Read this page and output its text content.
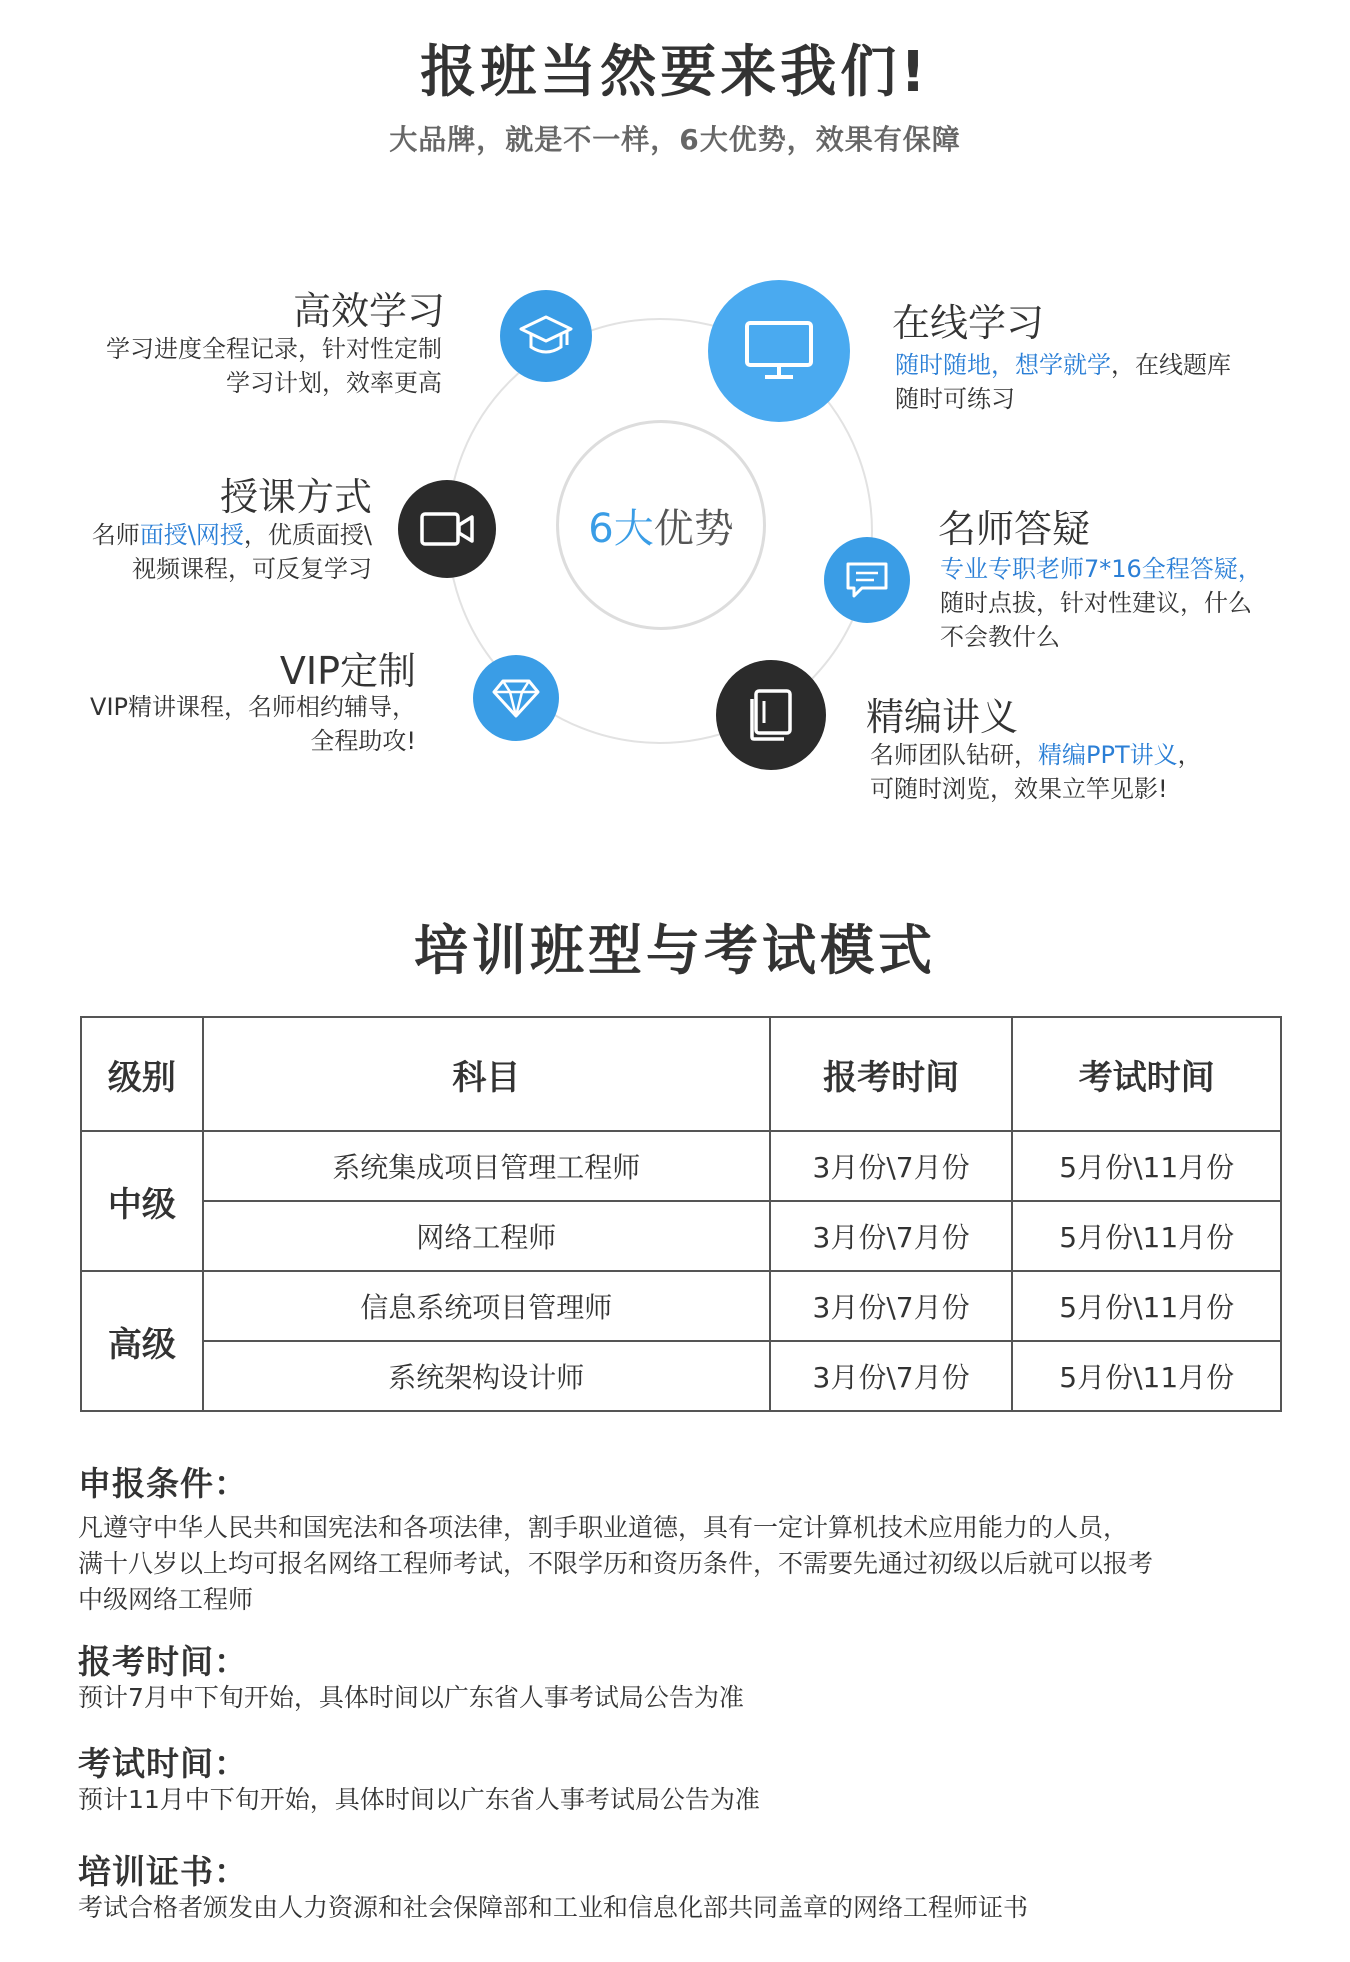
报班当然要来我们!
大品牌，就是不一样，6大优势，效果有保障
6大 优势
高效学习
学习进度全程记录，针对性定制
学习计划，效率更高
授课方式
名师面授\网授，优质面授\
视频课程，可反复学习
VIP定制
VIP精讲课程，名师相约辅导，
全程助攻!
在线学习
随时随地，想学就学，在线题库
随时可练习
名师答疑
专业专职老师7*16全程答疑，
随时点拔，针对性建议，什么
不会教什么
精编讲义
名师团队钻研，精编PPT讲义，
可随时浏览，效果立竿见影!
培训班型与考试模式
级别	科目	报考时间	考试时间
中级	系统集成项目管理工程师	3月份\7月份	5月份\11月份
	网络工程师	3月份\7月份	5月份\11月份
高级	信息系统项目管理师	3月份\7月份	5月份\11月份
	系统架构设计师	3月份\7月份	5月份\11月份
申报条件：
凡遵守中华人民共和国宪法和各项法律，割手职业道德，具有一定计算机技术应用能力的人员，
满十八岁以上均可报名网络工程师考试，不限学历和资历条件，不需要先通过初级以后就可以报考
中级网络工程师
报考时间：
预计7月中下旬开始，具体时间以广东省人事考试局公告为准
考试时间：
预计11月中下旬开始，具体时间以广东省人事考试局公告为准
培训证书：
考试合格者颁发由人力资源和社会保障部和工业和信息化部共同盖章的网络工程师证书
